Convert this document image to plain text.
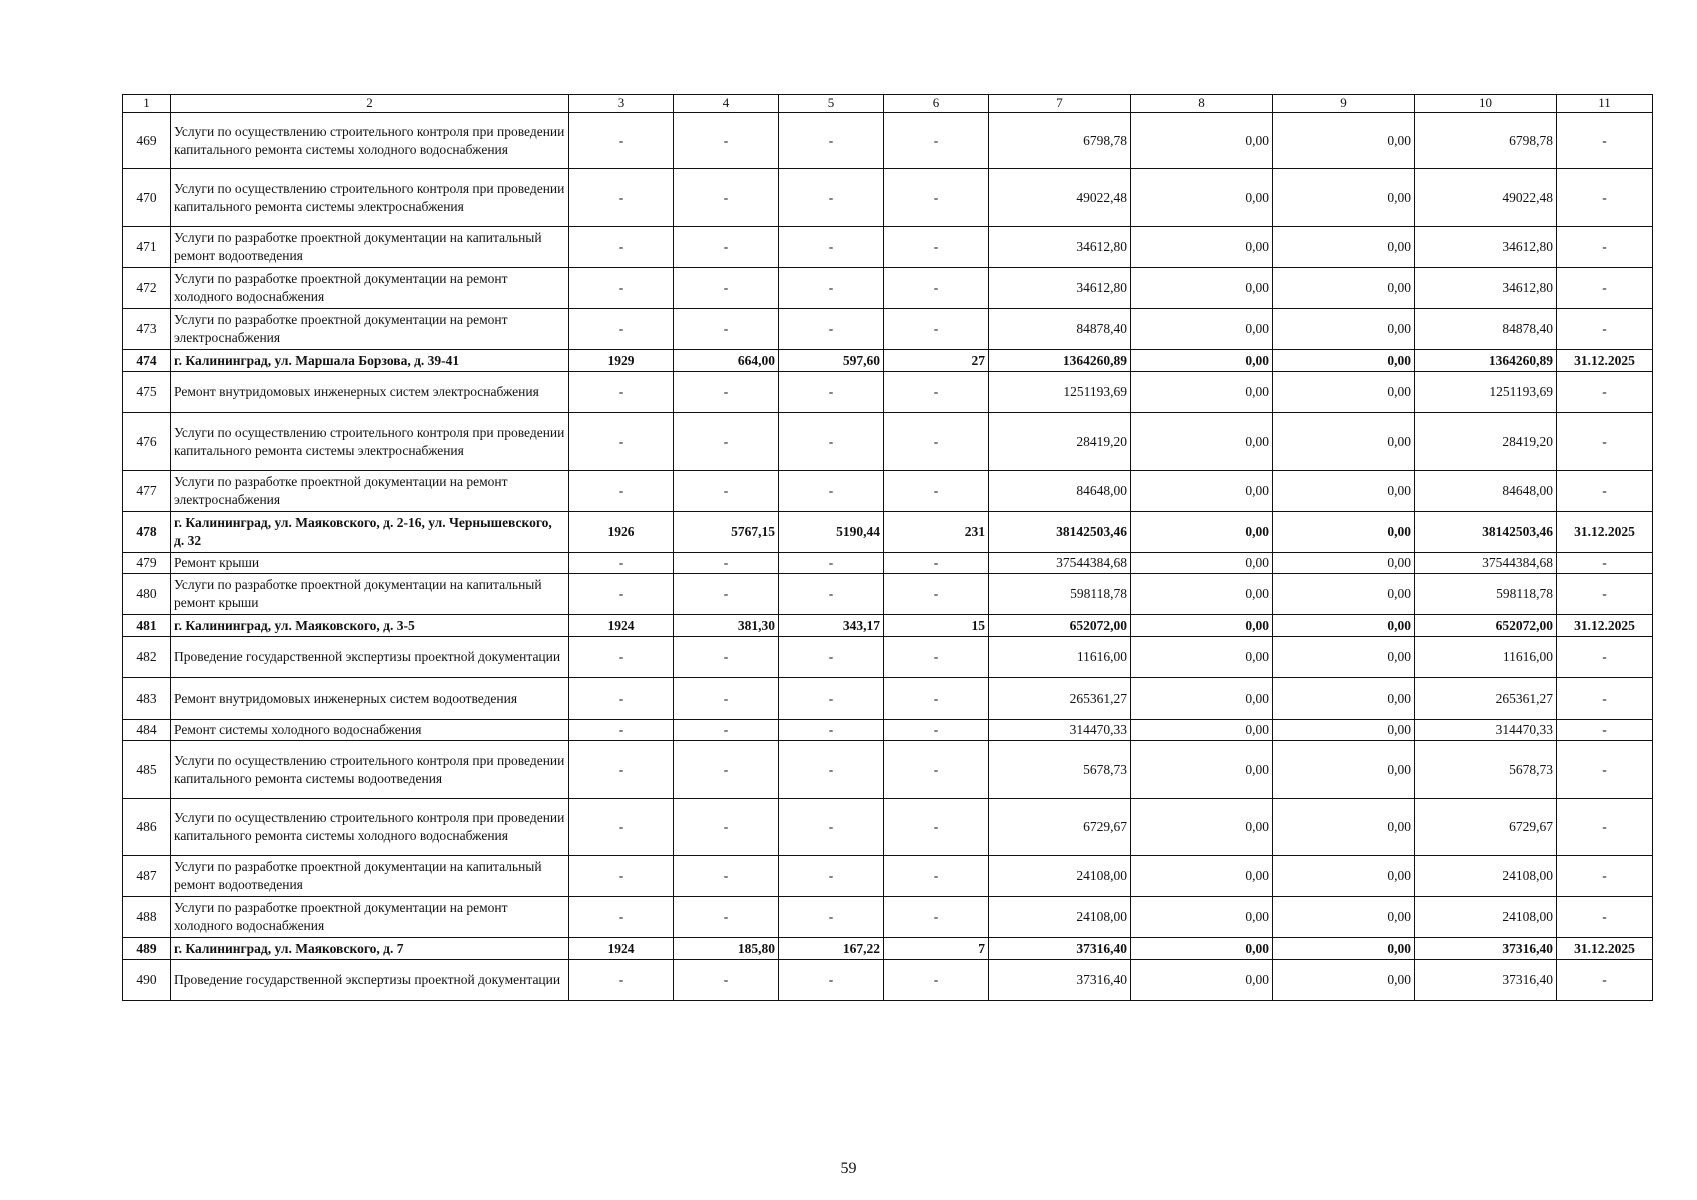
1	2	3	4	5	6	7	8	9	10	11
469	Услуги по осуществлению строительного контроля при проведении капитального ремонта системы холодного водоснабжения	-	-	-	-	6798,78	0,00	0,00	6798,78	-
470	Услуги по осуществлению строительного контроля при проведении капитального ремонта системы электроснабжения	-	-	-	-	49022,48	0,00	0,00	49022,48	-
471	Услуги по разработке проектной документации на капитальный ремонт водоотведения	-	-	-	-	34612,80	0,00	0,00	34612,80	-
472	Услуги по разработке проектной документации на ремонт холодного водоснабжения	-	-	-	-	34612,80	0,00	0,00	34612,80	-
473	Услуги по разработке проектной документации на ремонт электроснабжения	-	-	-	-	84878,40	0,00	0,00	84878,40	-
474	г. Калининград, ул. Маршала Борзова, д. 39-41	1929	664,00	597,60	27	1364260,89	0,00	0,00	1364260,89	31.12.2025
475	Ремонт внутридомовых инженерных систем электроснабжения	-	-	-	-	1251193,69	0,00	0,00	1251193,69	-
476	Услуги по осуществлению строительного контроля при проведении капитального ремонта системы электроснабжения	-	-	-	-	28419,20	0,00	0,00	28419,20	-
477	Услуги по разработке проектной документации на ремонт электроснабжения	-	-	-	-	84648,00	0,00	0,00	84648,00	-
478	г. Калининград, ул. Маяковского, д. 2-16, ул. Чернышевского, д. 32	1926	5767,15	5190,44	231	38142503,46	0,00	0,00	38142503,46	31.12.2025
479	Ремонт крыши	-	-	-	-	37544384,68	0,00	0,00	37544384,68	-
480	Услуги по разработке проектной документации на капитальный ремонт крыши	-	-	-	-	598118,78	0,00	0,00	598118,78	-
481	г. Калининград, ул. Маяковского, д. 3-5	1924	381,30	343,17	15	652072,00	0,00	0,00	652072,00	31.12.2025
482	Проведение государственной экспертизы проектной документации	-	-	-	-	11616,00	0,00	0,00	11616,00	-
483	Ремонт внутридомовых инженерных систем водоотведения	-	-	-	-	265361,27	0,00	0,00	265361,27	-
484	Ремонт системы холодного водоснабжения	-	-	-	-	314470,33	0,00	0,00	314470,33	-
485	Услуги по осуществлению строительного контроля при проведении капитального ремонта системы водоотведения	-	-	-	-	5678,73	0,00	0,00	5678,73	-
486	Услуги по осуществлению строительного контроля при проведении капитального ремонта системы холодного водоснабжения	-	-	-	-	6729,67	0,00	0,00	6729,67	-
487	Услуги по разработке проектной документации на капитальный ремонт водоотведения	-	-	-	-	24108,00	0,00	0,00	24108,00	-
488	Услуги по разработке проектной документации на ремонт холодного водоснабжения	-	-	-	-	24108,00	0,00	0,00	24108,00	-
489	г. Калининград, ул. Маяковского, д. 7	1924	185,80	167,22	7	37316,40	0,00	0,00	37316,40	31.12.2025
490	Проведение государственной экспертизы проектной документации	-	-	-	-	37316,40	0,00	0,00	37316,40	-
59
